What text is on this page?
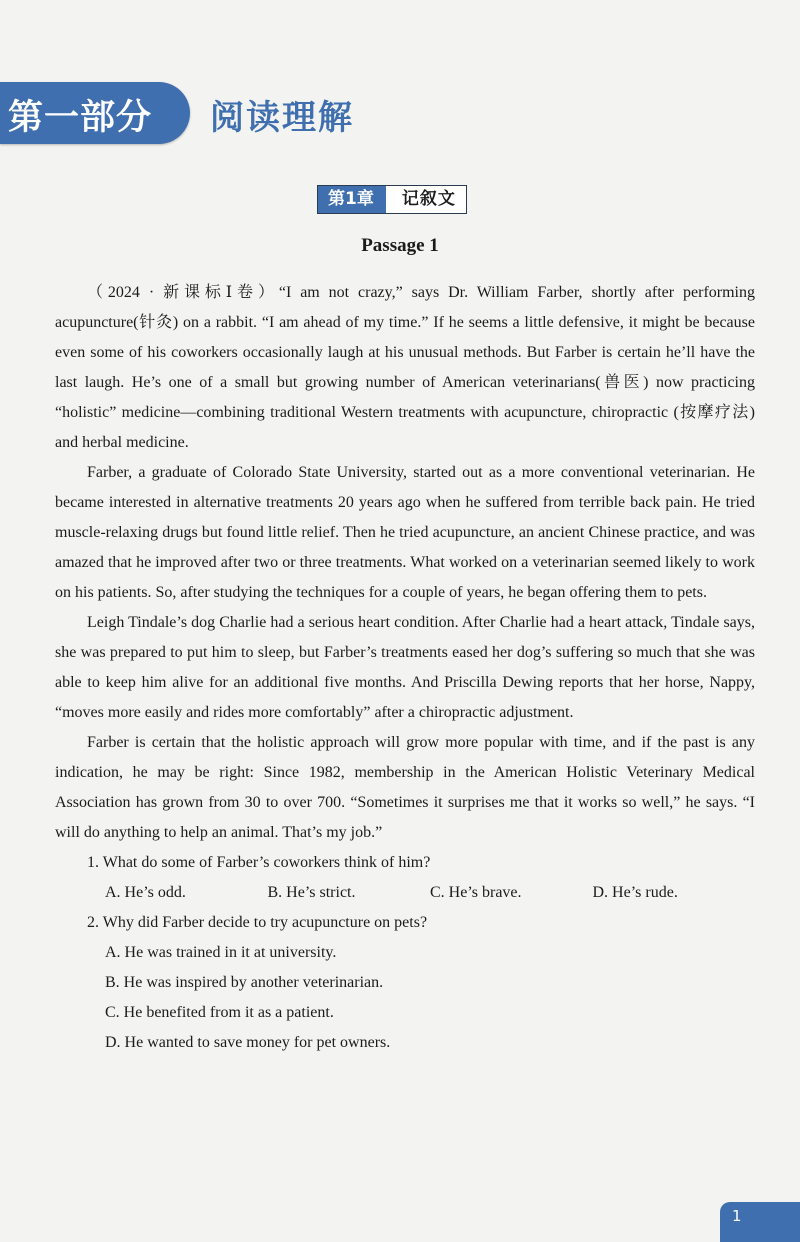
第一部分 阅读理解
第1章	记叙文
Passage 1

（2024 · 新课标Ⅰ卷）“I am not crazy,” says Dr. William Farber, shortly after performing acupuncture(针灸) on a rabbit. “I am ahead of my time.” If he seems a little defensive, it might be because even some of his coworkers occasionally laugh at his unusual methods. But Farber is certain he’ll have the last laugh. He’s one of a small but growing number of American veterinarians(兽医) now practicing “holistic” medicine—combining traditional Western treatments with acupuncture, chiropractic (按摩疗法) and herbal medicine.

Farber, a graduate of Colorado State University, started out as a more conventional veterinarian. He became interested in alternative treatments 20 years ago when he suffered from terrible back pain. He tried muscle-relaxing drugs but found little relief. Then he tried acupuncture, an ancient Chinese practice, and was amazed that he improved after two or three treatments. What worked on a veterinarian seemed likely to work on his patients. So, after studying the techniques for a couple of years, he began offering them to pets.

Leigh Tindale’s dog Charlie had a serious heart condition. After Charlie had a heart attack, Tindale says, she was prepared to put him to sleep, but Farber’s treatments eased her dog’s suffering so much that she was able to keep him alive for an additional five months. And Priscilla Dewing reports that her horse, Nappy, “moves more easily and rides more comfortably” after a chiropractic adjustment.

Farber is certain that the holistic approach will grow more popular with time, and if the past is any indication, he may be right: Since 1982, membership in the American Holistic Veterinary Medical Association has grown from 30 to over 700. “Sometimes it surprises me that it works so well,” he says. “I will do anything to help an animal. That’s my job.”

1. What do some of Farber’s coworkers think of him?
A. He’s odd.	B. He’s strict.	C. He’s brave.	D. He’s rude.
2. Why did Farber decide to try acupuncture on pets?
A. He was trained in it at university.
B. He was inspired by another veterinarian.
C. He benefited from it as a patient.
D. He wanted to save money for pet owners.
1
